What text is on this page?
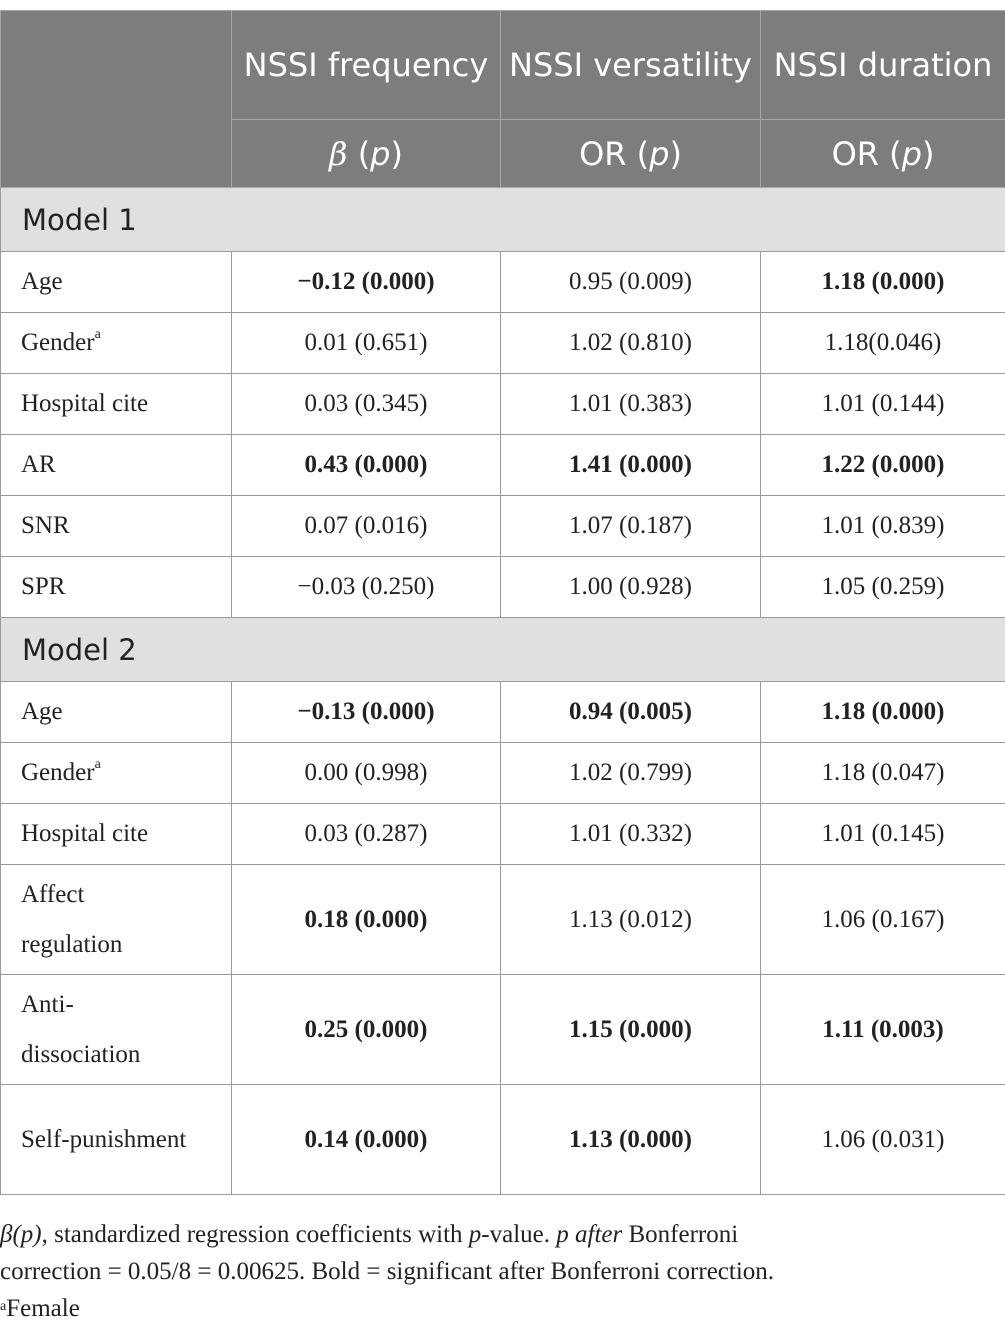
	NSSI frequency	NSSI versatility	NSSI duration
	β (p)	OR (p)	OR (p)
Model 1			
Age	−0.12 (0.000)	0.95 (0.009)	1.18 (0.000)
Gender$^a$	0.01 (0.651)	1.02 (0.810)	1.18(0.046)
Hospital cite	0.03 (0.345)	1.01 (0.383)	1.01 (0.144)
AR	0.43 (0.000)	1.41 (0.000)	1.22 (0.000)
SNR	0.07 (0.016)	1.07 (0.187)	1.01 (0.839)
SPR	−0.03 (0.250)	1.00 (0.928)	1.05 (0.259)
Model 2			
Age	−0.13 (0.000)	0.94 (0.005)	1.18 (0.000)
Gender$^a$	0.00 (0.998)	1.02 (0.799)	1.18 (0.047)
Hospital cite	0.03 (0.287)	1.01 (0.332)	1.01 (0.145)

Affect regulation	0.18 (0.000)	1.13 (0.012)	1.06 (0.167)

Anti-dissociation	0.25 (0.000)	1.15 (0.000)	1.11 (0.003)

Self-punishment	0.14 (0.000)	1.13 (0.000)	1.06 (0.031)
β(p), standardized regression coefficients with p-value. p after Bonferroni
correction = 0.05/8 = 0.00625. Bold = significant after Bonferroni correction.
$^a$Female
